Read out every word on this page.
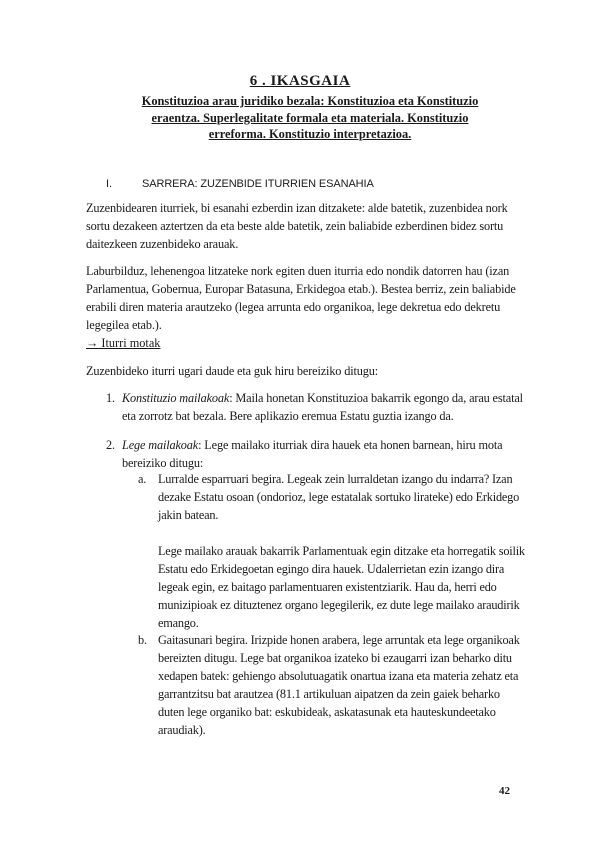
6 . IKASGAIA
Konstituzioa arau juridiko bezala: Konstituzioa eta Konstituzio eraentza. Superlegalitate formala eta materiala. Konstituzio erreforma. Konstituzio interpretazioa.
I.	SARRERA: ZUZENBIDE ITURRIEN ESANAHIA
Zuzenbidearen iturriek, bi esanahi ezberdin izan ditzakete: alde batetik, zuzenbidea nork sortu dezakeen aztertzen da eta beste alde batetik, zein baliabide ezberdinen bidez sortu daitezkeen zuzenbideko arauak.
Laburbilduz, lehenengoa litzateke nork egiten duen iturria edo nondik datorren hau (izan Parlamentua, Gobernua, Europar Batasuna, Erkidegoa etab.). Bestea berriz, zein baliabide erabili diren materia arautzeko (legea arrunta edo organikoa, lege dekretua edo dekretu legegilea etab.).
→ Iturri motak
Zuzenbideko iturri ugari daude eta guk hiru bereiziko ditugu:
1. Konstituzio mailakoak: Maila honetan Konstituzioa bakarrik egongo da, arau estatal eta zorrotz bat bezala. Bere aplikazio eremua Estatu guztia izango da.
2. Lege mailakoak: Lege mailako iturriak dira hauek eta honen barnean, hiru mota bereiziko ditugu:
a. Lurralde esparruari begira. Legeak zein lurraldetan izango du indarra? Izan dezake Estatu osoan (ondorioz, lege estatalak sortuko lirateke) edo Erkidego jakin batean.

Lege mailako arauak bakarrik Parlamentuak egin ditzake eta horregatik soilik Estatu edo Erkidegoetan egingo dira hauek. Udalerrietan ezin izango dira legeak egin, ez baitago parlamentuaren existentziarik. Hau da, herri edo munizipioak ez dituztenez organo legegilerik, ez dute lege mailako araudirik emango.

b. Gaitasunari begira. Irizpide honen arabera, lege arruntak eta lege organikoak bereizten ditugu. Lege bat organikoa izateko bi ezaugarri izan beharko ditu xedapen batek: gehiengo absolutuagatik onartua izana eta materia zehatz eta garrantzitsu bat arautzea (81.1 artikuluan aipatzen da zein gaiek beharko duten lege organiko bat: eskubideak, askatasunak eta hauteskundeetako araudiak).

42
